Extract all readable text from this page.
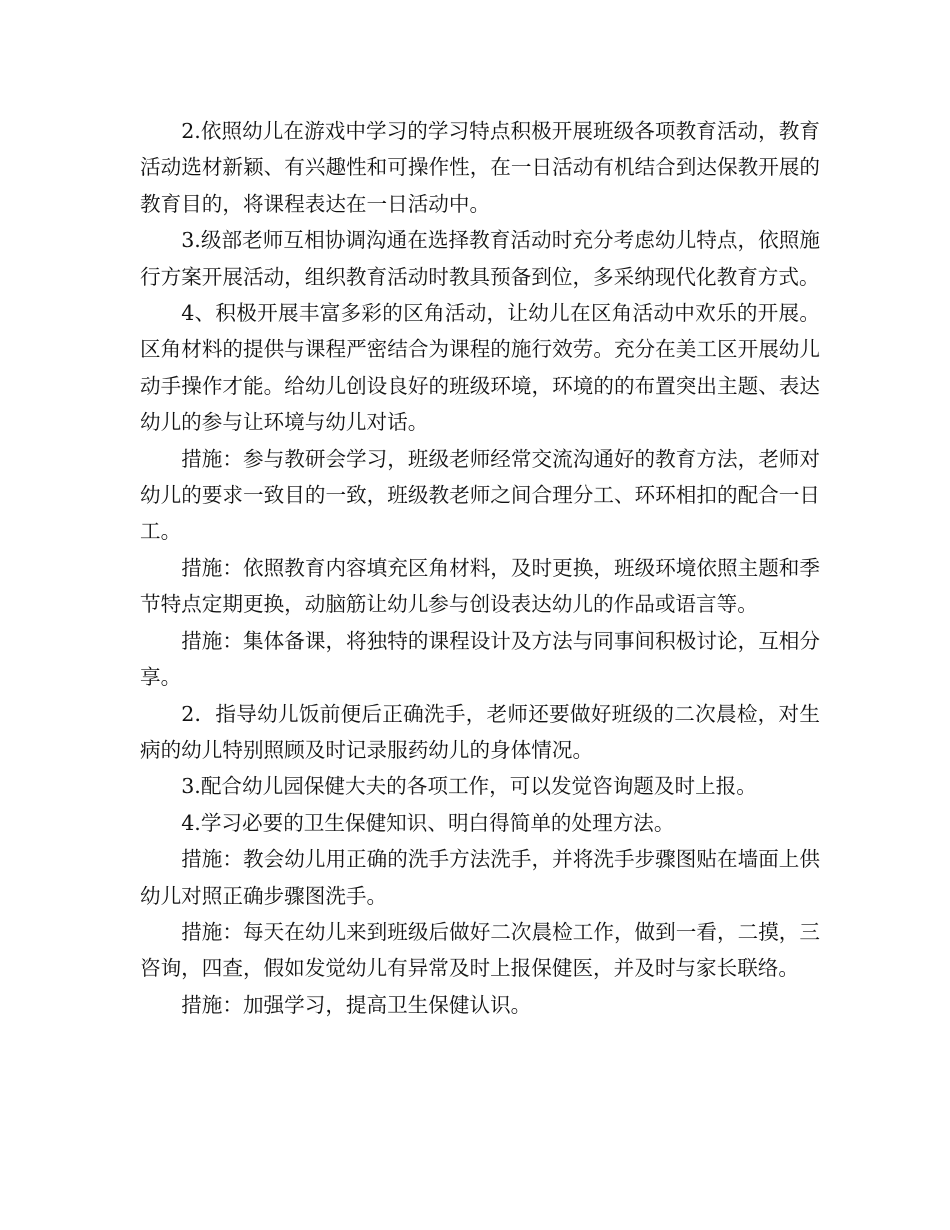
2.依照幼儿在游戏中学习的学习特点积极开展班级各项教育活动，教育活动选材新颖、有兴趣性和可操作性，在一日活动有机结合到达保教开展的教育目的，将课程表达在一日活动中。

3.级部老师互相协调沟通在选择教育活动时充分考虑幼儿特点，依照施行方案开展活动，组织教育活动时教具预备到位，多采纳现代化教育方式。

4、积极开展丰富多彩的区角活动，让幼儿在区角活动中欢乐的开展。区角材料的提供与课程严密结合为课程的施行效劳。充分在美工区开展幼儿动手操作才能。给幼儿创设良好的班级环境，环境的的布置突出主题、表达幼儿的参与让环境与幼儿对话。

措施：参与教研会学习，班级老师经常交流沟通好的教育方法，老师对幼儿的要求一致目的一致，班级教老师之间合理分工、环环相扣的配合一日工。

措施：依照教育内容填充区角材料，及时更换，班级环境依照主题和季节特点定期更换，动脑筋让幼儿参与创设表达幼儿的作品或语言等。

措施：集体备课，将独特的课程设计及方法与同事间积极讨论，互相分享。

2．指导幼儿饭前便后正确洗手，老师还要做好班级的二次晨检，对生病的幼儿特别照顾及时记录服药幼儿的身体情况。

3.配合幼儿园保健大夫的各项工作，可以发觉咨询题及时上报。

4.学习必要的卫生保健知识、明白得简单的处理方法。

措施：教会幼儿用正确的洗手方法洗手，并将洗手步骤图贴在墙面上供幼儿对照正确步骤图洗手。

措施：每天在幼儿来到班级后做好二次晨检工作，做到一看，二摸，三咨询，四查，假如发觉幼儿有异常及时上报保健医，并及时与家长联络。

措施：加强学习，提高卫生保健认识。
